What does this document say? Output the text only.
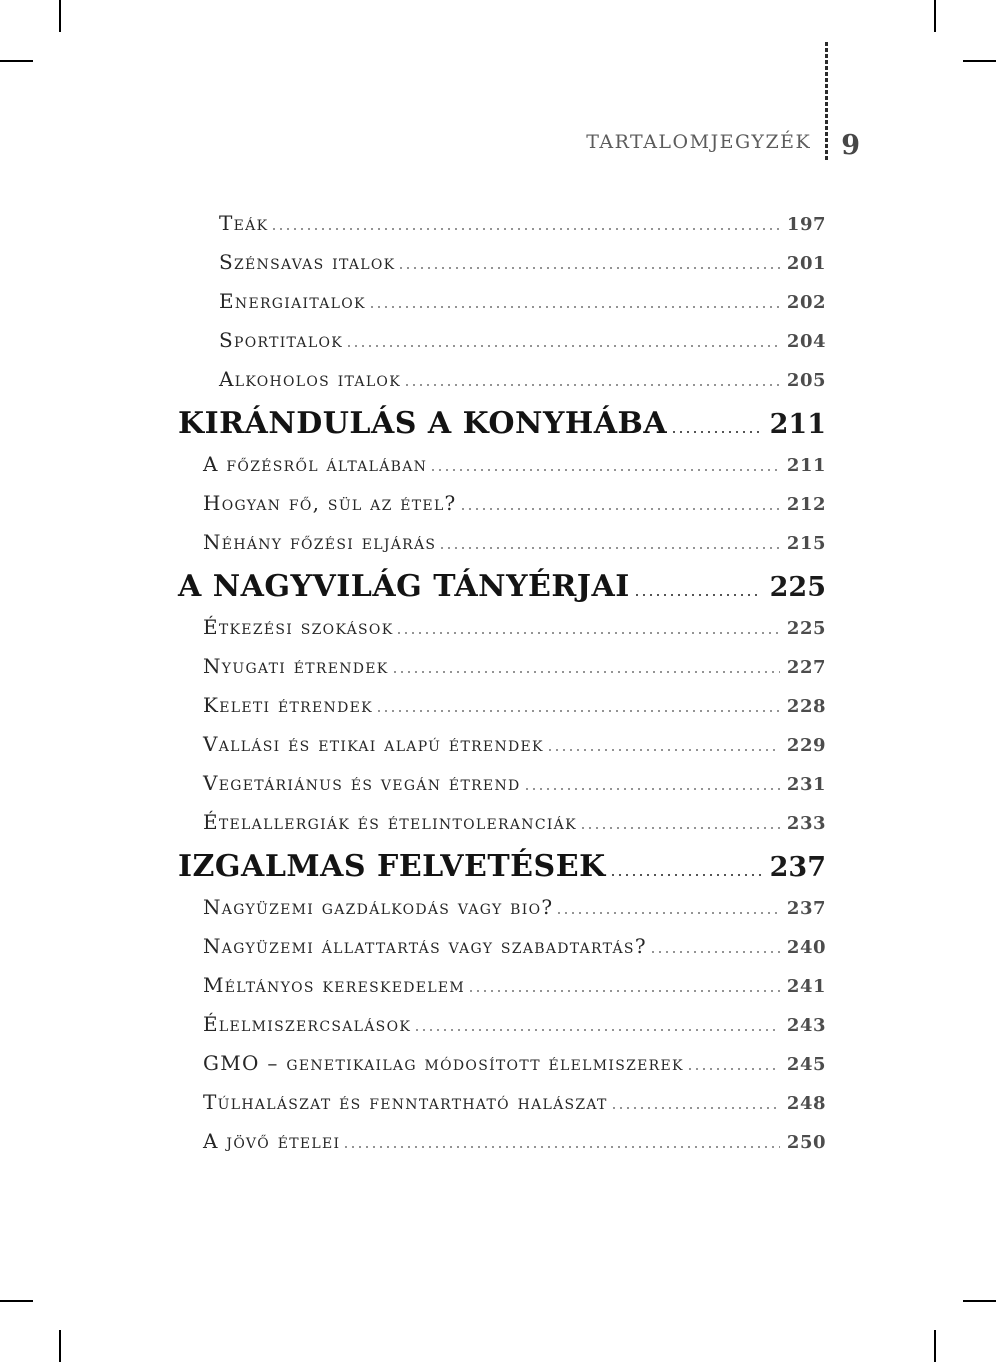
TARTALOMJEGYZÉK 9
Teák	197
Szénsavas italok	201
Energiaitalok	202
Sportitalok	204
Alkoholos italok	205
KIRÁNDULÁS A KONYHÁBA	211
A főzésről általában	211
Hogyan fő, sül az étel?	212
Néhány főzési eljárás	215
A NAGYVILÁG TÁNYÉRJAI	225
Étkezési szokások	225
Nyugati étrendek	227
Keleti étrendek	228
Vallási és etikai alapú étrendek	229
Vegetáriánus és vegán étrend	231
Ételallergiák és ételintoleranciák	233
IZGALMAS FELVETÉSEK	237
Nagyüzemi gazdálkodás vagy bio?	237
Nagyüzemi állattartás vagy szabadtartás?	240
Méltányos kereskedelem	241
Élelmiszercsalások	243
GMO – genetikailag módosított élelmiszerek	245
Túlhalászat és fenntartható halászat	248
A jövő ételei	250
